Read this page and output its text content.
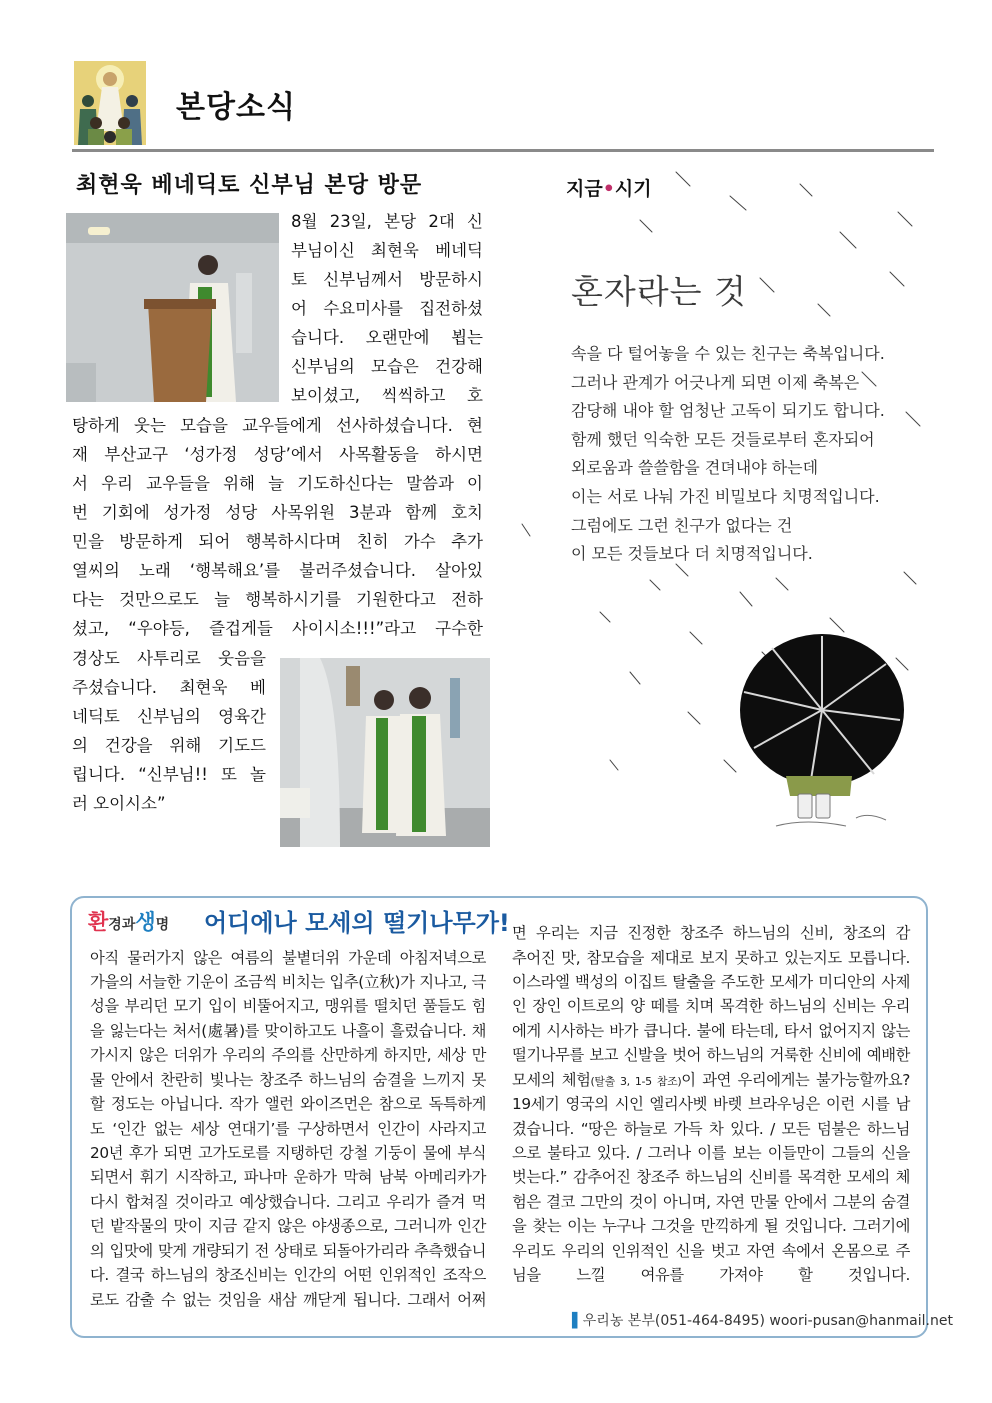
본당소식
최현욱 베네딕토 신부님 본당 방문
8월 23일, 본당 2대 신
부님이신 최현욱 베네딕
토 신부님께서 방문하시
어 수요미사를 집전하셨
습니다. 오랜만에 뵙는
신부님의 모습은 건강해
보이셨고, 씩씩하고 호
탕하게 웃는 모습을 교우들에게 선사하셨습니다. 현
재 부산교구 ‘성가정 성당’에서 사목활동을 하시면
서 우리 교우들을 위해 늘 기도하신다는 말씀과 이
번 기회에 성가정 성당 사목위원 3분과 함께 호치
민을 방문하게 되어 행복하시다며 친히 가수 추가
열씨의 노래 ‘행복해요’를 불러주셨습니다. 살아있
다는 것만으로도 늘 행복하시기를 기원한다고 전하
셨고, “우야등, 즐겁게들 사이시소!!!”라고 구수한
경상도 사투리로 웃음을
주셨습니다. 최현욱 베
네딕토 신부님의 영육간
의 건강을 위해 기도드
립니다. “신부님!! 또 놀
러 오이시소”
지금•시기
혼자라는 것
속을 다 털어놓을 수 있는 친구는 축복입니다.
그러나 관계가 어긋나게 되면 이제 축복은
감당해 내야 할 엄청난 고독이 되기도 합니다.
함께 했던 익숙한 모든 것들로부터 혼자되어
외로움과 쓸쓸함을 견뎌내야 하는데
이는 서로 나눠 가진 비밀보다 치명적입니다.
그럼에도 그런 친구가 없다는 건
이 모든 것들보다 더 치명적입니다.
환경과생명 어디에나 모세의 떨기나무가!
아직 물러가지 않은 여름의 불볕더위 가운데 아침저녁으로
가을의 서늘한 기운이 조금씩 비치는 입추(立秋)가 지나고, 극
성을 부리던 모기 입이 비뚤어지고, 맹위를 떨치던 풀들도 힘
을 잃는다는 처서(處暑)를 맞이하고도 나흘이 흘렀습니다. 채
가시지 않은 더위가 우리의 주의를 산만하게 하지만, 세상 만
물 안에서 찬란히 빛나는 창조주 하느님의 숨결을 느끼지 못
할 정도는 아닙니다. 작가 앨런 와이즈먼은 참으로 독특하게
도 ‘인간 없는 세상 연대기’를 구상하면서 인간이 사라지고
20년 후가 되면 고가도로를 지탱하던 강철 기둥이 물에 부식
되면서 휘기 시작하고, 파나마 운하가 막혀 남북 아메리카가
다시 합쳐질 것이라고 예상했습니다. 그리고 우리가 즐겨 먹
던 밭작물의 맛이 지금 같지 않은 야생종으로, 그러니까 인간
의 입맛에 맞게 개량되기 전 상태로 되돌아가리라 추측했습니
다. 결국 하느님의 창조신비는 인간의 어떤 인위적인 조작으
로도 감출 수 없는 것임을 새삼 깨닫게 됩니다. 그래서 어쩌
면 우리는 지금 진정한 창조주 하느님의 신비, 창조의 감
추어진 맛, 참모습을 제대로 보지 못하고 있는지도 모릅니다.
이스라엘 백성의 이집트 탈출을 주도한 모세가 미디안의 사제
인 장인 이트로의 양 떼를 치며 목격한 하느님의 신비는 우리
에게 시사하는 바가 큽니다. 불에 타는데, 타서 없어지지 않는
떨기나무를 보고 신발을 벗어 하느님의 거룩한 신비에 예배한
모세의 체험(탈출 3, 1-5 참조)이 과연 우리에게는 불가능할까요?
19세기 영국의 시인 엘리사벳 바렛 브라우닝은 이런 시를 남
겼습니다. “땅은 하늘로 가득 차 있다. / 모든 덤불은 하느님
으로 불타고 있다. / 그러나 이를 보는 이들만이 그들의 신을
벗는다.” 감추어진 창조주 하느님의 신비를 목격한 모세의 체
험은 결코 그만의 것이 아니며, 자연 만물 안에서 그분의 숨결
을 찾는 이는 누구나 그것을 만끽하게 될 것입니다. 그러기에
우리도 우리의 인위적인 신을 벗고 자연 속에서 온몸으로 주
님을 느낄 여유를 가져야 할 것입니다.
▌우리농 본부(051-464-8495) woori-pusan@hanmail.net
